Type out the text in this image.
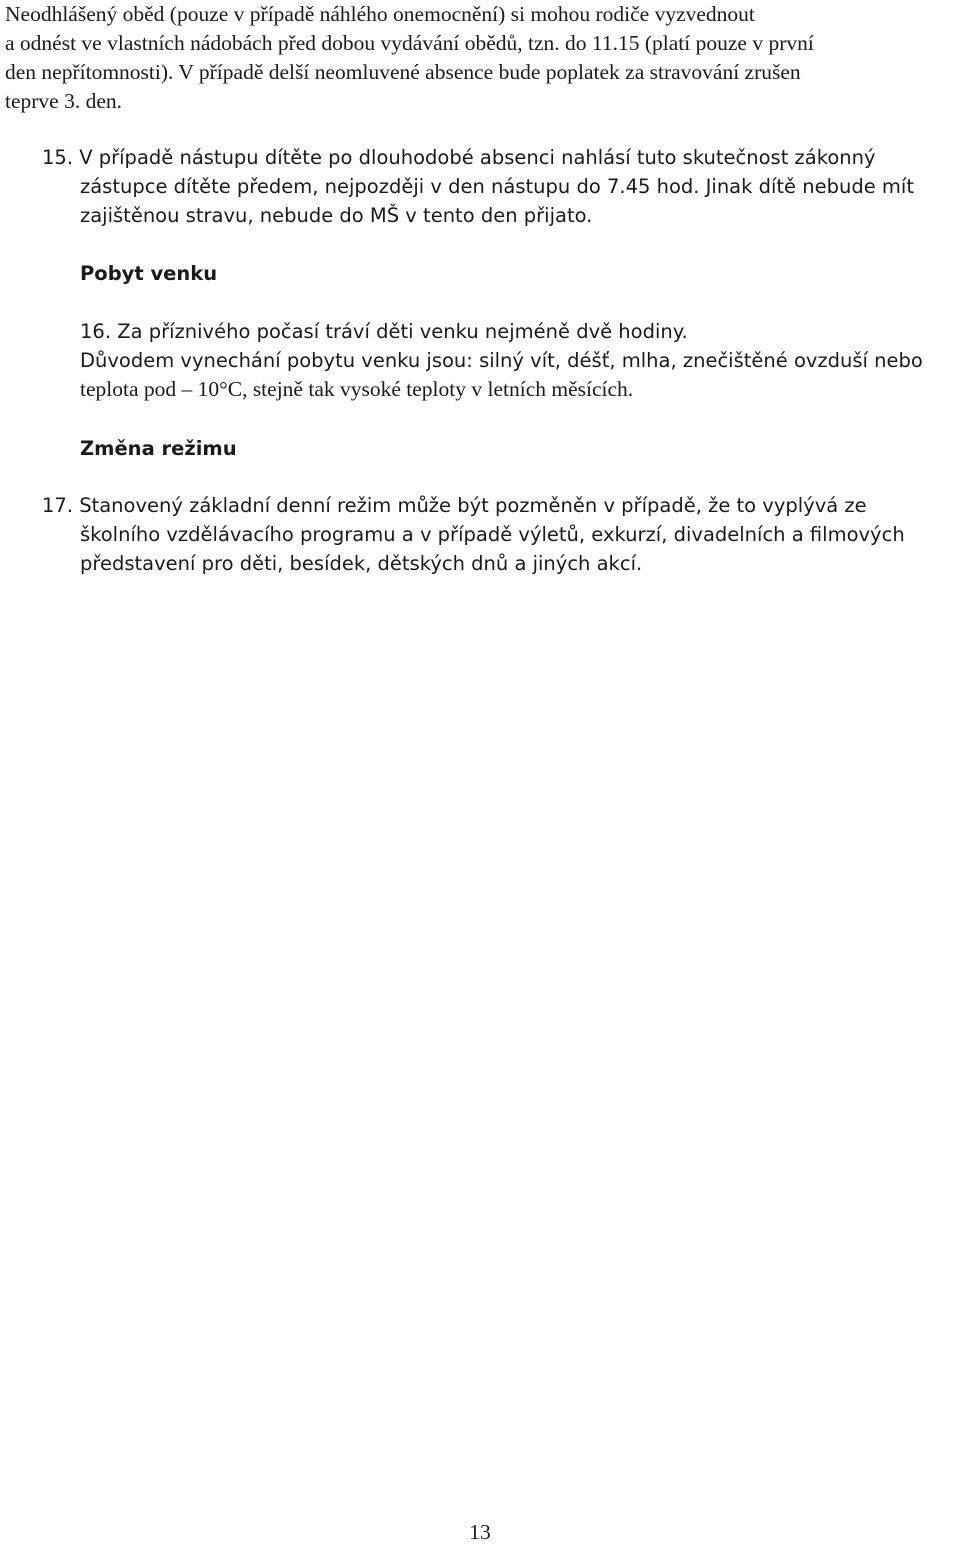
Neodhlášený oběd (pouze v případě náhlého onemocnění) si mohou rodiče vyzvednout
a odnést ve vlastních nádobách před dobou vydávání obědů, tzn. do 11.15 (platí pouze v první
den nepřítomnosti). V případě delší neomluvené absence bude poplatek za stravování zrušen
teprve 3. den.
15. V případě nástupu dítěte po dlouhodobé absenci nahlásí tuto skutečnost zákonný
zástupce dítěte předem, nejpozději v den nástupu do 7.45 hod. Jinak dítě nebude mít
zajištěnou stravu, nebude do MŠ v tento den přijato.
Pobyt venku
16. Za příznivého počasí tráví děti venku nejméně dvě hodiny.
Důvodem vynechání pobytu venku jsou: silný vít, déšť, mlha, znečištěné ovzduší nebo
teplota pod – 10°C, stejně tak vysoké teploty v letních měsících.
Změna režimu
17. Stanovený základní denní režim může být pozměněn v případě, že to vyplývá ze
školního vzdělávacího programu a v případě výletů, exkurzí, divadelních a filmových
představení pro děti, besídek, dětských dnů a jiných akcí.
13
